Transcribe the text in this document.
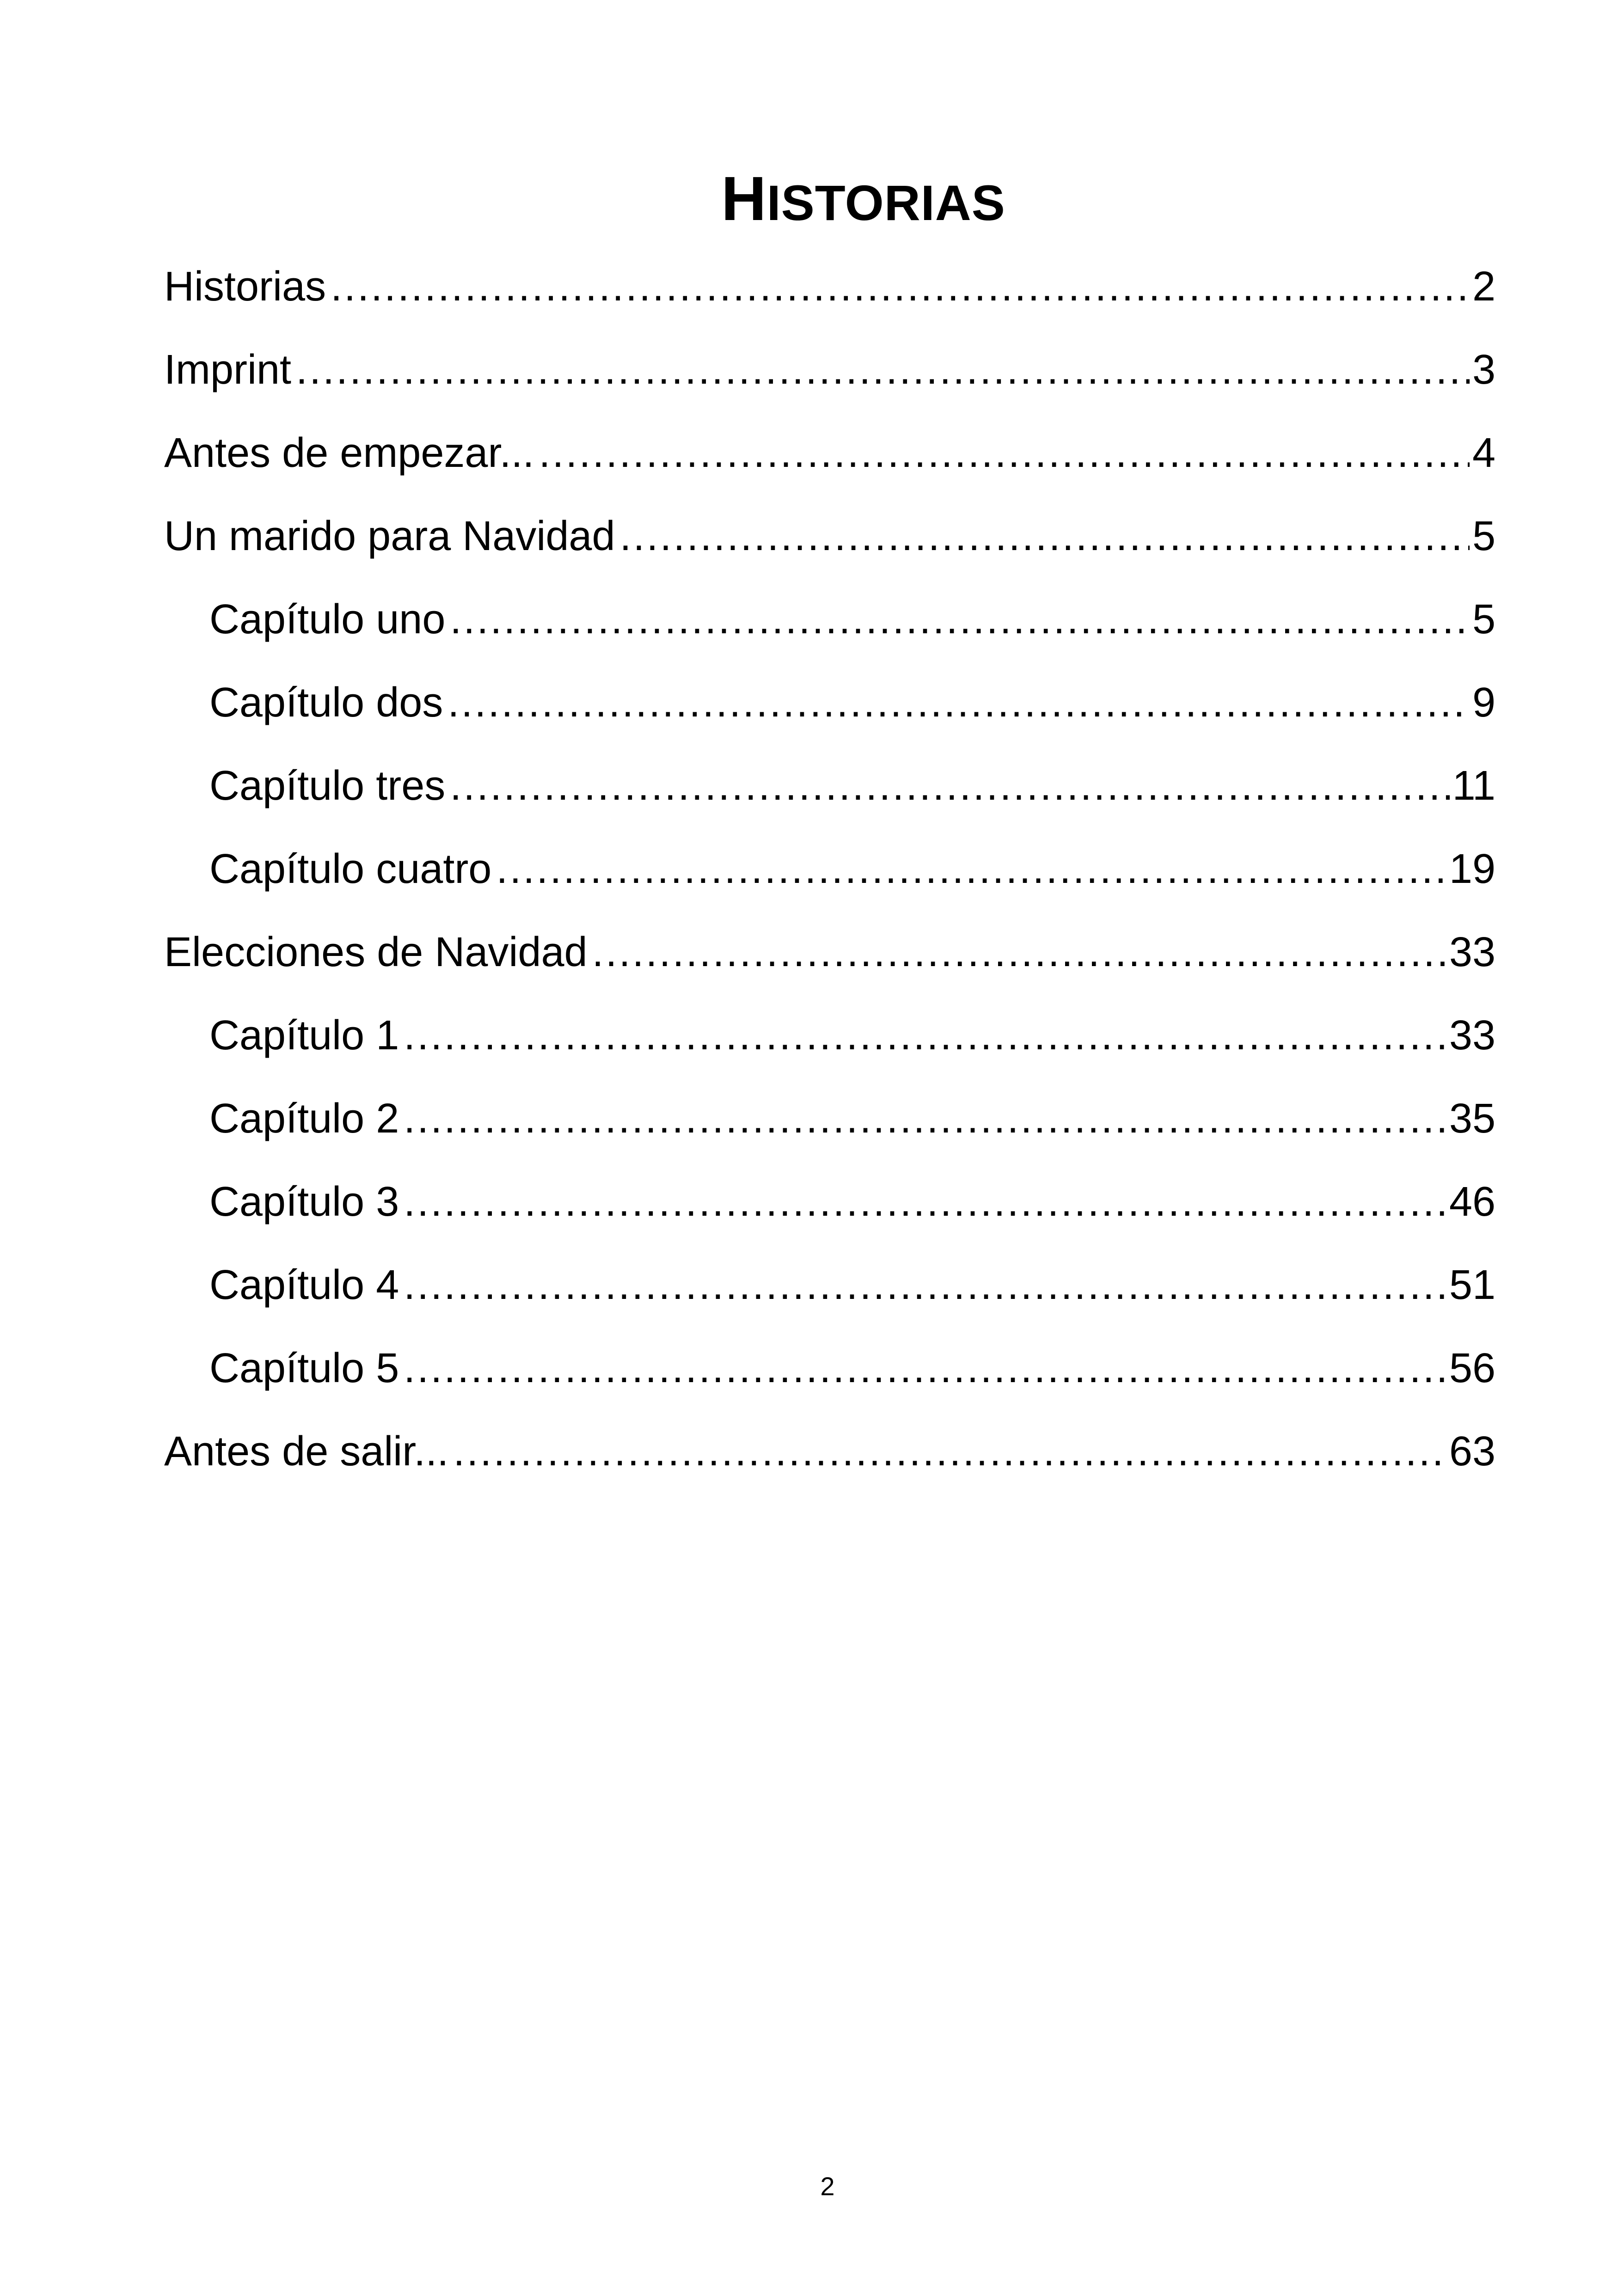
HISTORIAS
Historias .....	2
Imprint .....	3
Antes de empezar... .....	4
Un marido para Navidad .....	5
Capítulo uno .....	5
Capítulo dos .....	9
Capítulo tres .....	11
Capítulo cuatro .....	19
Elecciones de Navidad .....	33
Capítulo 1 .....	33
Capítulo 2 .....	35
Capítulo 3 .....	46
Capítulo 4 .....	51
Capítulo 5 .....	56
Antes de salir... .....	63
2
